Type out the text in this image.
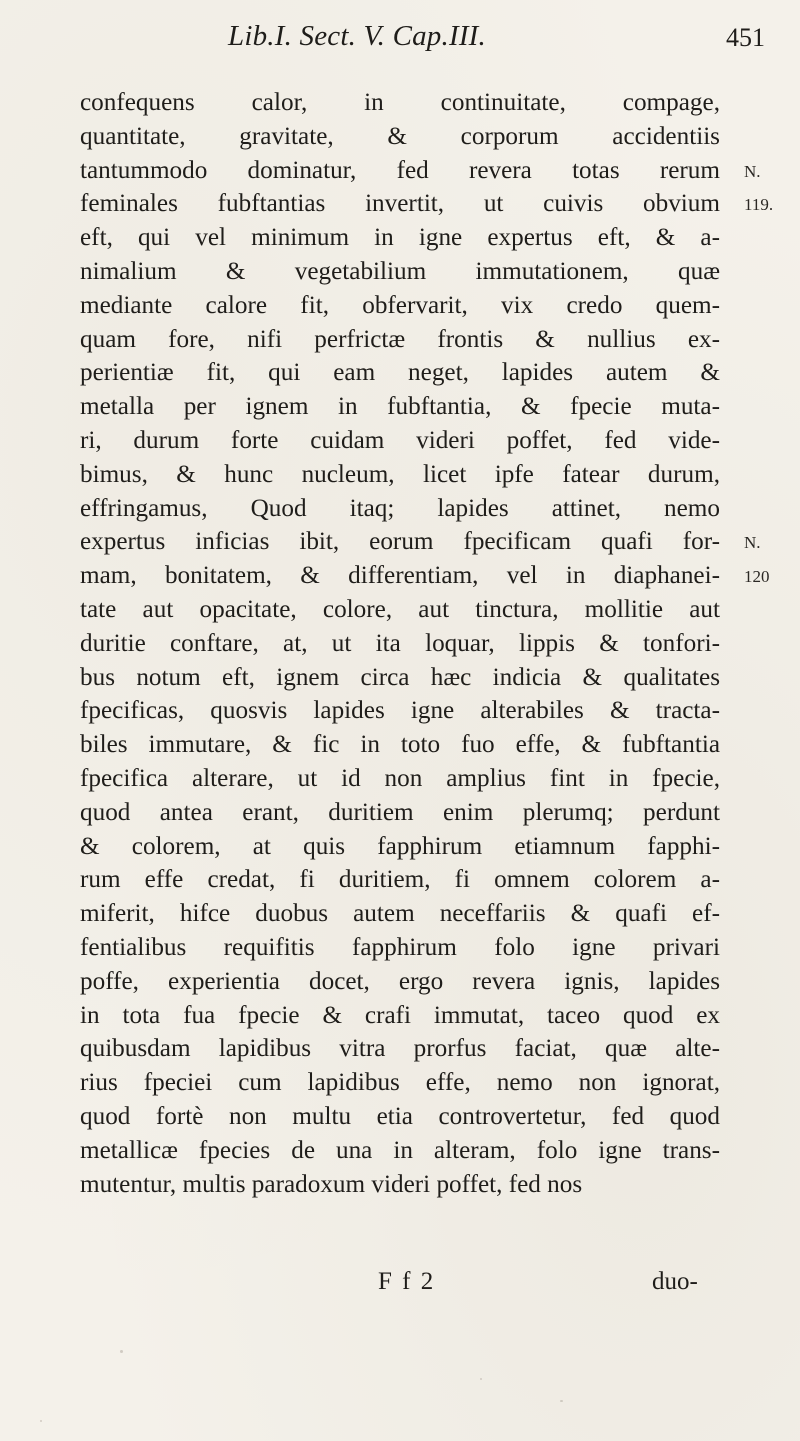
Lib.I. Sect. V. Cap.III.	451
confequens calor, in continuitate, compage,
quantitate, gravitate, & corporum accidentiis
tantummodo dominatur, fed revera totas rerum
feminales fubftantias invertit, ut cuivis obvium
eft, qui vel minimum in igne expertus eft, & a-
nimalium & vegetabilium immutationem, quæ
mediante calore fit, obfervarit, vix credo quem-
quam fore, nifi perfrictæ frontis & nullius ex-
perientiæ fit, qui eam neget, lapides autem &
metalla per ignem in fubftantia, & fpecie muta-
ri, durum forte cuidam videri poffet, fed vide-
bimus, & hunc nucleum, licet ipfe fatear durum,
effringamus, Quod itaq; lapides attinet, nemo
expertus inficias ibit, eorum fpecificam quafi for-
mam, bonitatem, & differentiam, vel in diaphanei-
tate aut opacitate, colore, aut tinctura, mollitie aut
duritie conftare, at, ut ita loquar, lippis & tonfori-
bus notum eft, ignem circa hæc indicia & qualitates
fpecificas, quosvis lapides igne alterabiles & tracta-
biles immutare, & fic in toto fuo effe, & fubftantia
fpecifica alterare, ut id non amplius fint in fpecie,
quod antea erant, duritiem enim plerumq; perdunt
& colorem, at quis fapphirum etiamnum fapphi-
rum effe credat, fi duritiem, fi omnem colorem a-
miferit, hifce duobus autem neceffariis & quafi ef-
fentialibus requifitis fapphirum folo igne privari
poffe, experientia docet, ergo revera ignis, lapides
in tota fua fpecie & crafi immutat, taceo quod ex
quibusdam lapidibus vitra prorfus faciat, quæ alte-
rius fpeciei cum lapidibus effe, nemo non ignorat,
quod fortè non multu etia controvertetur, fed quod
metallicæ fpecies de una in alteram, folo igne trans-
mutentur, multis paradoxum videri poffet, fed nos
N.
119.
N.
120
F f 2	duo-
